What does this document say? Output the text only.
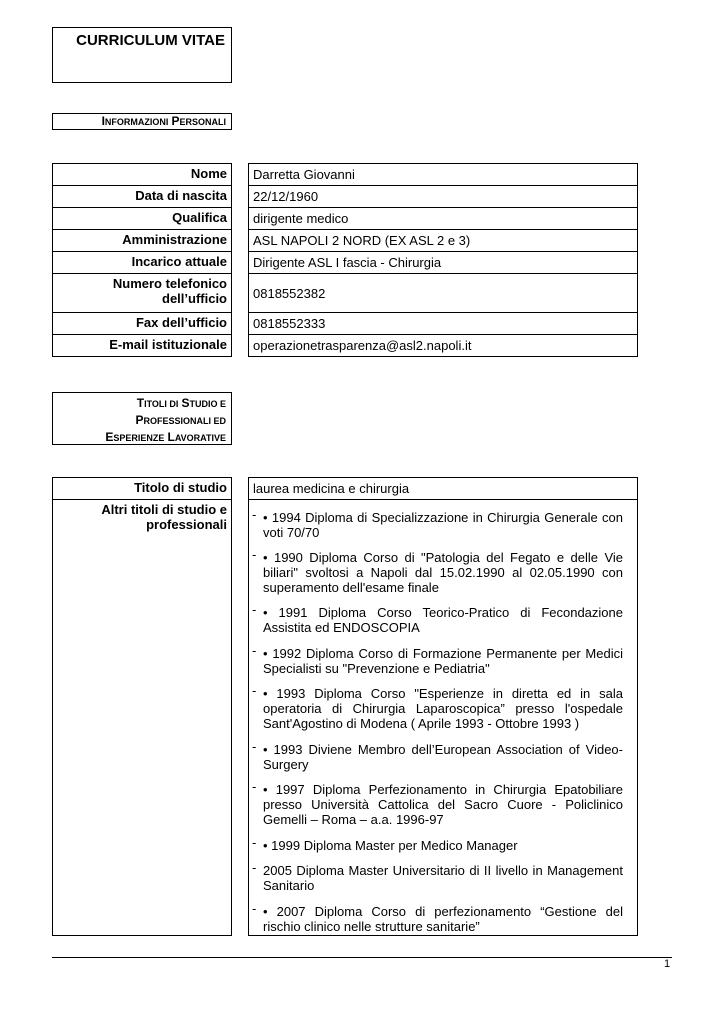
CURRICULUM VITAE
INFORMAZIONI PERSONALI
Nome	Darretta Giovanni
Data di nascita	22/12/1960
Qualifica	dirigente medico
Amministrazione	ASL NAPOLI 2 NORD (EX ASL 2 e 3)
Incarico attuale	Dirigente ASL I fascia - Chirurgia
Numero telefonico dell’ufficio	0818552382
Fax dell’ufficio	0818552333
E-mail istituzionale	operazionetrasparenza@asl2.napoli.it
TITOLI DI STUDIO E
PROFESSIONALI ED
ESPERIENZE LAVORATIVE
Titolo di studio	laurea medicina e chirurgia
Altri titoli di studio e professionali
- • 1994 Diploma di Specializzazione in Chirurgia Generale con voti 70/70
- • 1990 Diploma Corso di "Patologia del Fegato e delle Vie biliari" svoltosi a Napoli dal 15.02.1990 al 02.05.1990 con superamento dell'esame finale
- • 1991 Diploma Corso Teorico-Pratico di Fecondazione Assistita ed ENDOSCOPIA
- • 1992 Diploma Corso di Formazione Permanente per Medici Specialisti su "Prevenzione e Pediatria"
- • 1993 Diploma Corso "Esperienze in diretta ed in sala operatoria di Chirurgia Laparoscopica” presso l'ospedale Sant'Agostino di Modena ( Aprile 1993 - Ottobre 1993 )
- • 1993 Diviene Membro dell’European Association of Video-Surgery
- • 1997 Diploma Perfezionamento in Chirurgia Epatobiliare presso Università Cattolica del Sacro Cuore - Policlinico Gemelli – Roma – a.a. 1996-97
- • 1999 Diploma Master per Medico Manager
- 2005 Diploma Master Universitario di II livello in Management Sanitario
- • 2007 Diploma Corso di perfezionamento “Gestione del rischio clinico nelle strutture sanitarie”
1
